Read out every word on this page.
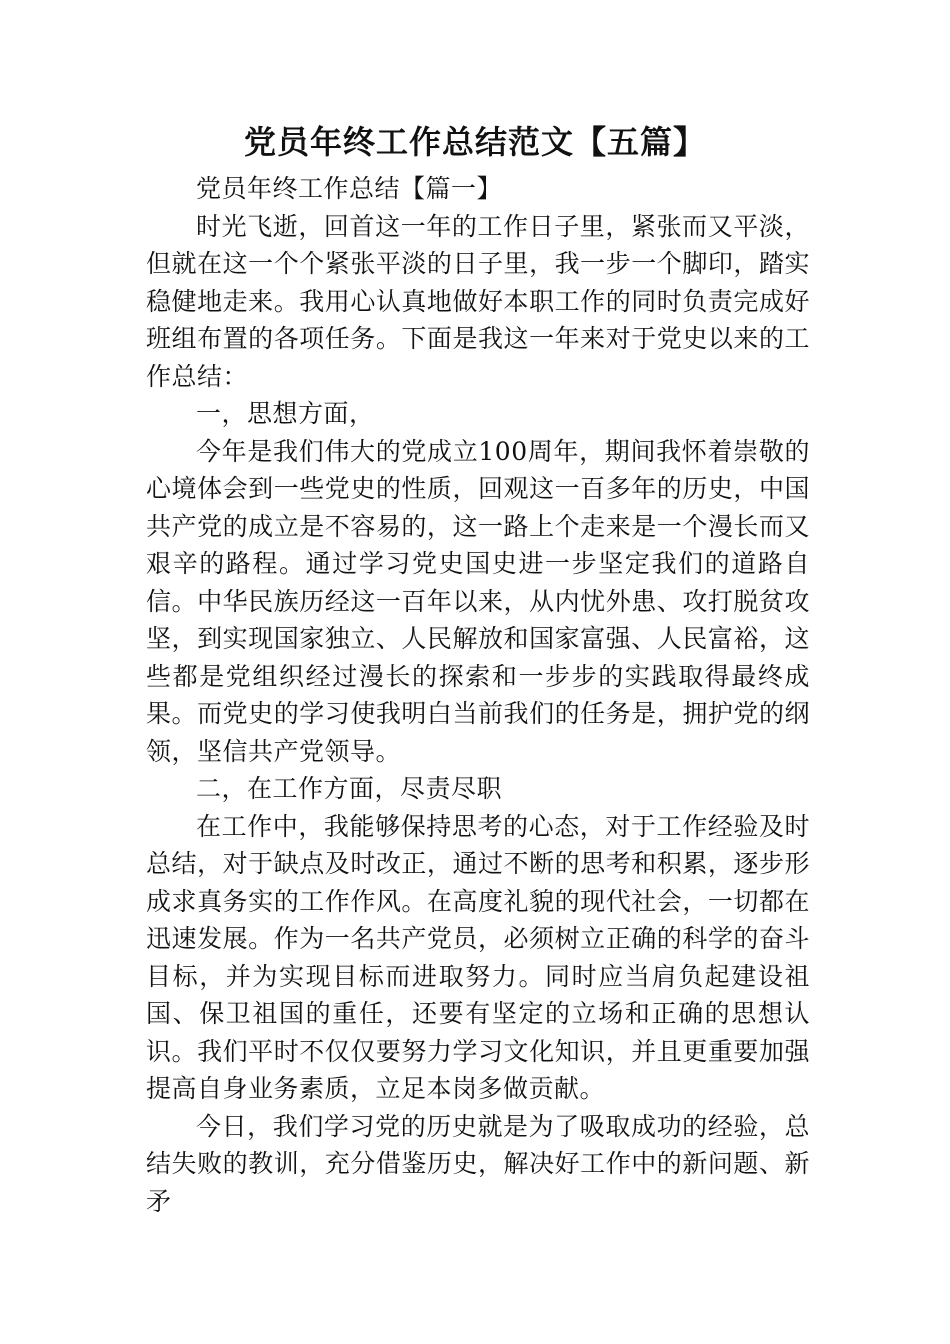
党员年终工作总结范文【五篇】

党员年终工作总结【篇一】

时光飞逝，回首这一年的工作日子里，紧张而又平淡，但就在这一个个紧张平淡的日子里，我一步一个脚印，踏实稳健地走来。我用心认真地做好本职工作的同时负责完成好班组布置的各项任务。下面是我这一年来对于党史以来的工作总结：

一，思想方面，

今年是我们伟大的党成立100周年，期间我怀着崇敬的心境体会到一些党史的性质，回观这一百多年的历史，中国共产党的成立是不容易的，这一路上个走来是一个漫长而又艰辛的路程。通过学习党史国史进一步坚定我们的道路自信。中华民族历经这一百年以来，从内忧外患、攻打脱贫攻坚，到实现国家独立、人民解放和国家富强、人民富裕，这些都是党组织经过漫长的探索和一步步的实践取得最终成果。而党史的学习使我明白当前我们的任务是，拥护党的纲领，坚信共产党领导。

二，在工作方面，尽责尽职

在工作中，我能够保持思考的心态，对于工作经验及时总结，对于缺点及时改正，通过不断的思考和积累，逐步形成求真务实的工作作风。在高度礼貌的现代社会，一切都在迅速发展。作为一名共产党员，必须树立正确的科学的奋斗目标，并为实现目标而进取努力。同时应当肩负起建设祖国、保卫祖国的重任，还要有坚定的立场和正确的思想认识。我们平时不仅仅要努力学习文化知识，并且更重要加强提高自身业务素质，立足本岗多做贡献。

今日，我们学习党的历史就是为了吸取成功的经验，总结失败的教训，充分借鉴历史，解决好工作中的新问题、新矛
